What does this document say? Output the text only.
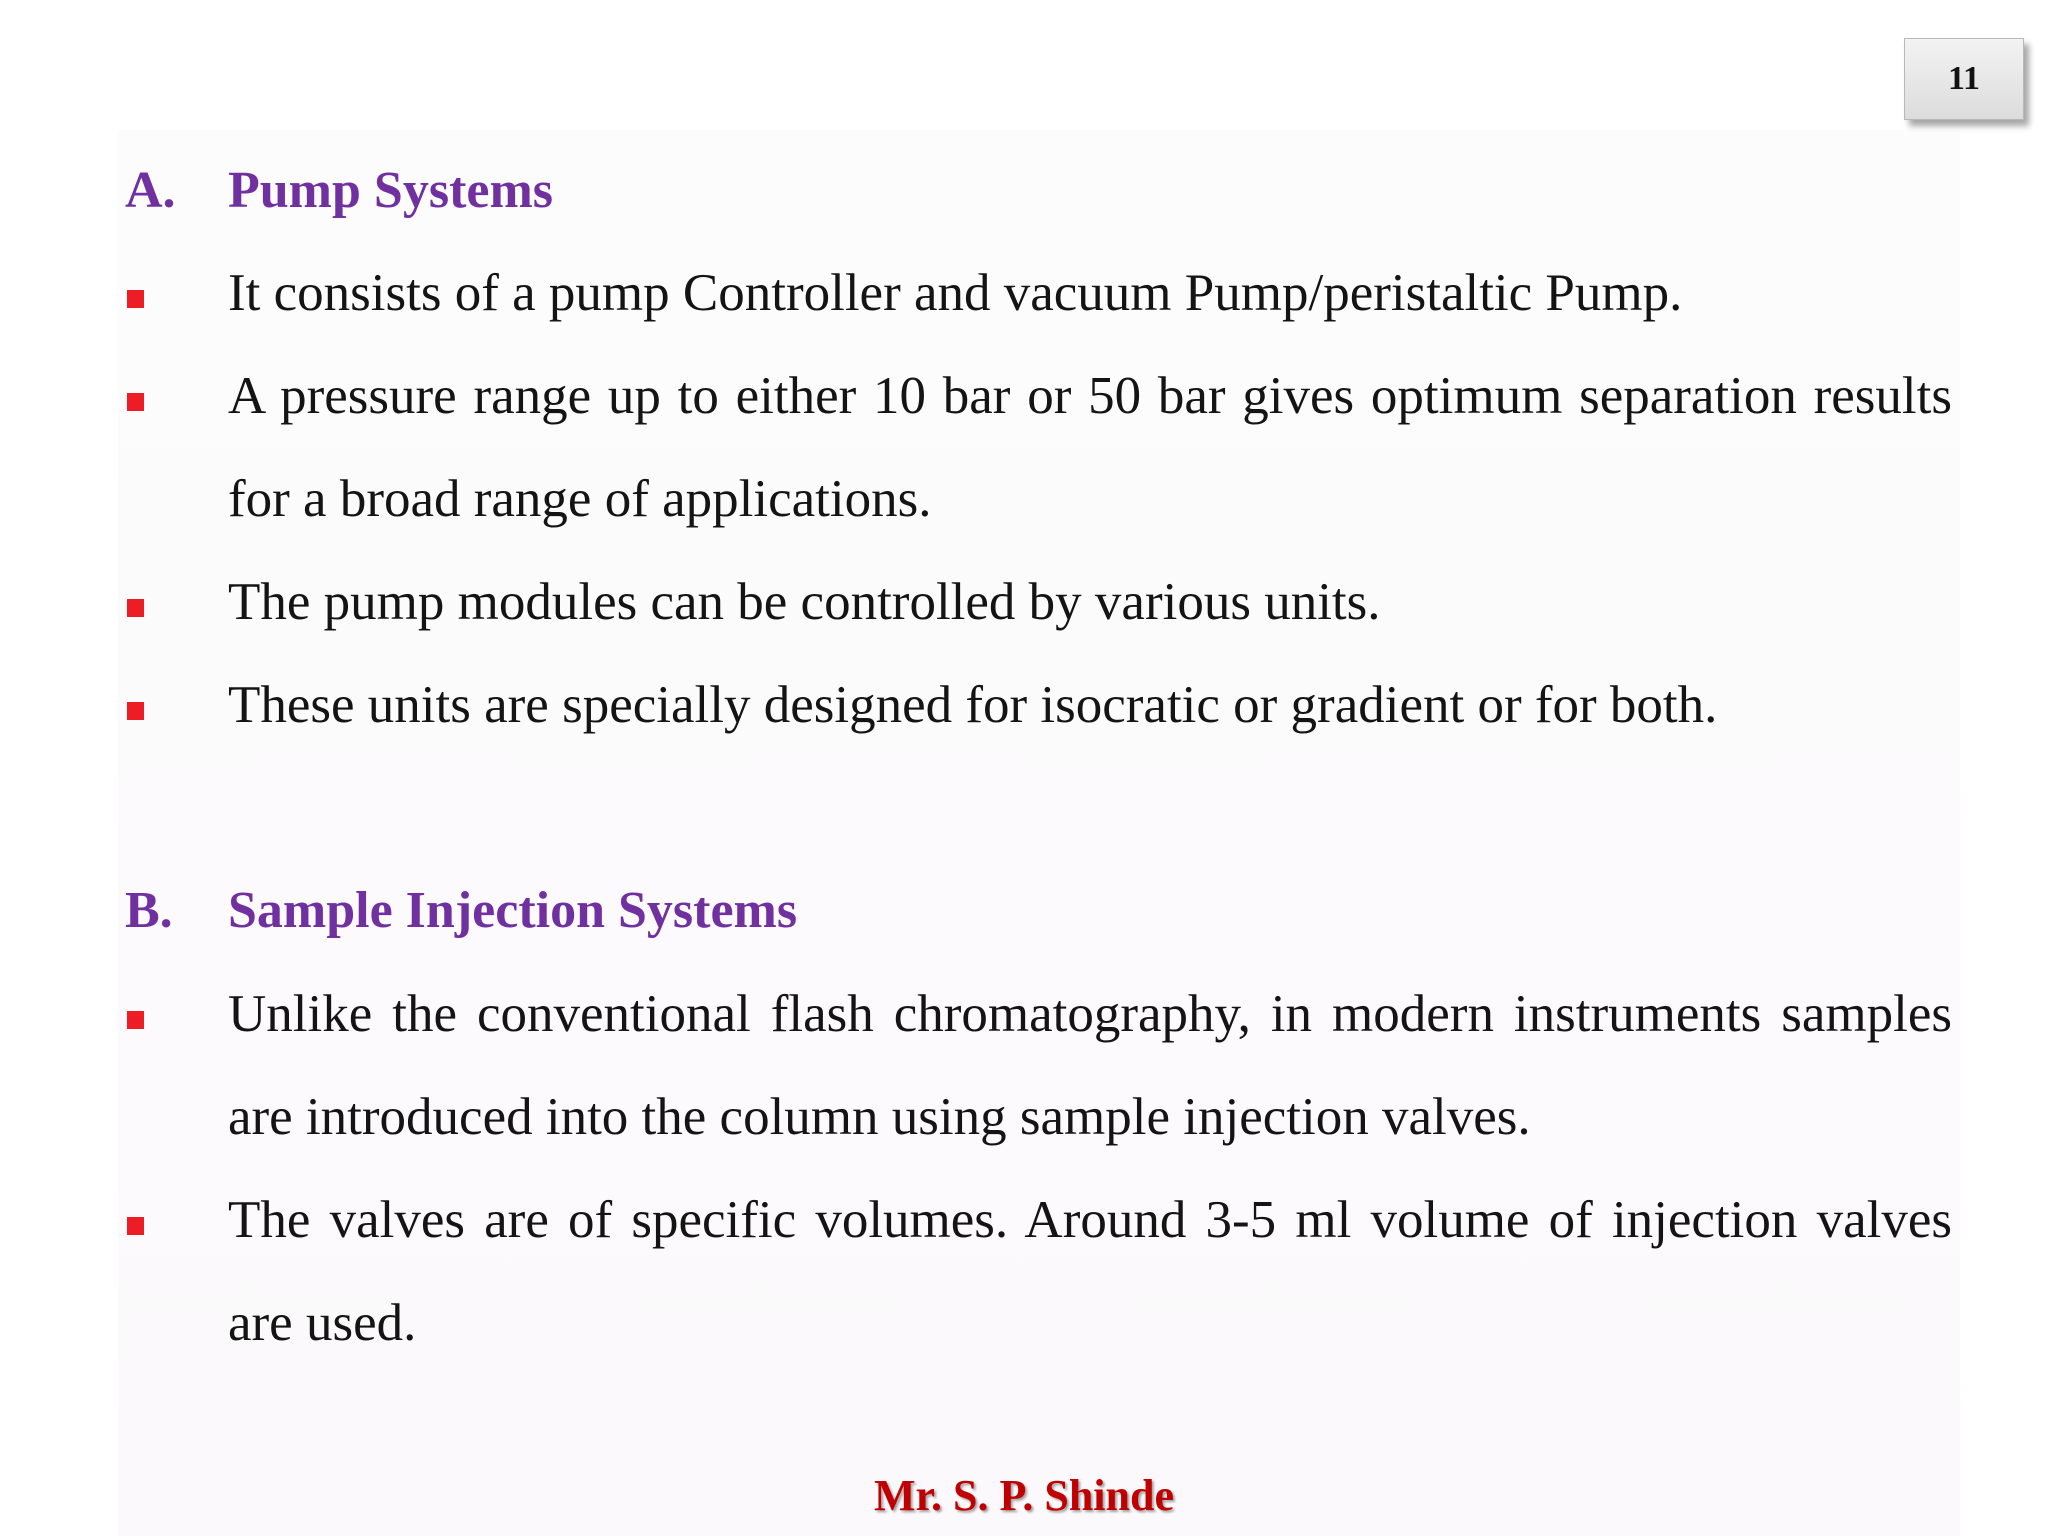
11
A.	Pump Systems
It consists of a pump Controller and vacuum Pump/peristaltic Pump.
A pressure range up to either 10 bar or 50 bar gives optimum separation results for a broad range of applications.
The pump modules can be controlled by various units.
These units are specially designed for isocratic or gradient or for both.
B.	Sample Injection Systems
Unlike the conventional flash chromatography, in modern instruments samples are introduced into the column using sample injection valves.
The valves are of specific volumes. Around 3-5 ml volume of injection valves are used.
Mr. S. P. Shinde
